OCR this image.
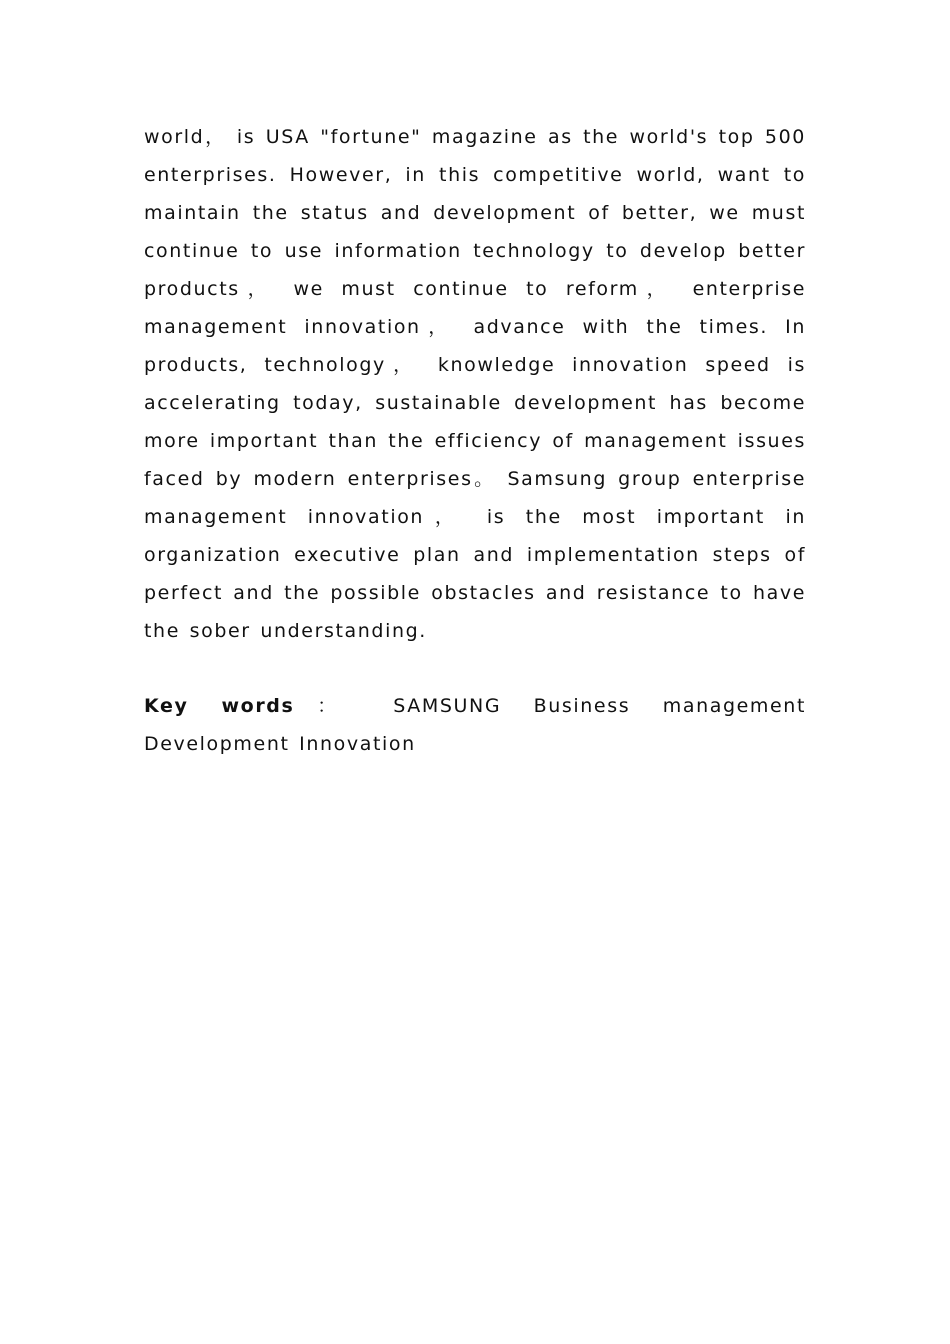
world， is USA "fortune" magazine as the world's top 500 enterprises. However, in this competitive world, want to maintain the status and development of better, we must continue to use information technology to develop better products， we must continue to reform， enterprise management innovation， advance with the times. In products, technology， knowledge innovation speed is accelerating today, sustainable development has become more important than the efficiency of management issues faced by modern enterprises。 Samsung group enterprise management innovation， is the most important in organization executive plan and implementation steps of perfect and the possible obstacles and resistance to have the sober understanding.

Key words： SAMSUNG Business management Development Innovation
